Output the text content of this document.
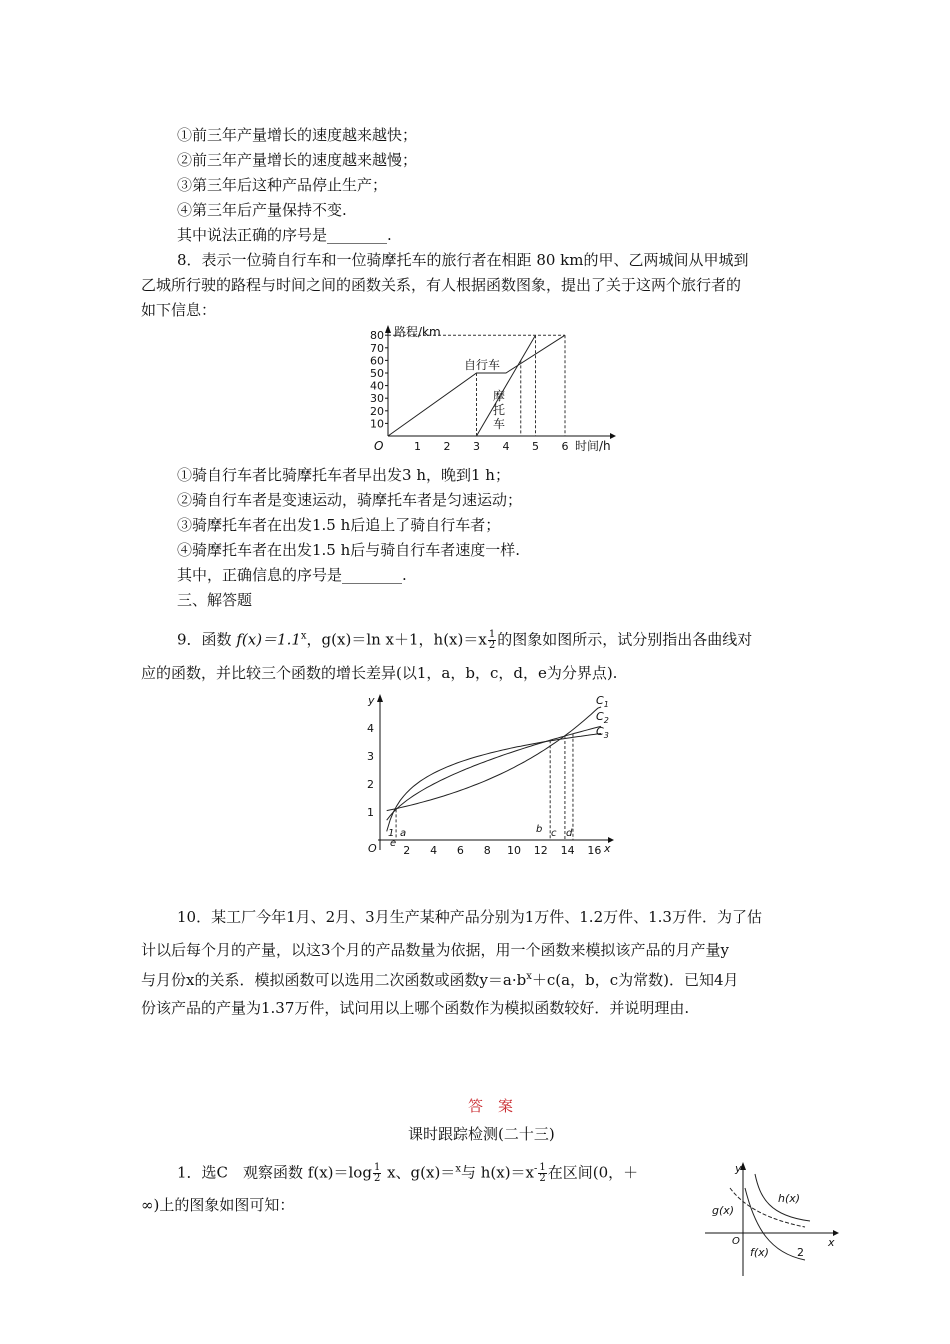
①前三年产量增长的速度越来越快；
②前三年产量增长的速度越来越慢；
③第三年后这种产品停止生产；
④第三年后产量保持不变.
其中说法正确的序号是________.
8．表示一位骑自行车和一位骑摩托车的旅行者在相距 80 km的甲、乙两城间从甲城到
乙城所行驶的路程与时间之间的函数关系，有人根据函数图象，提出了关于这两个旅行者的
如下信息：
路程/km
时间/h
O
10
20
30
40
50
60
70
80
1 2 3 4 5 6
自行车
摩
托
车
①骑自行车者比骑摩托车者早出发3 h，晚到1 h；
②骑自行车者是变速运动，骑摩托车者是匀速运动；
③骑摩托车者在出发1.5 h后追上了骑自行车者；
④骑摩托车者在出发1.5 h后与骑自行车者速度一样.
其中，正确信息的序号是________.
三、解答题
9．函数 $f(x)=1.1^x$，g(x)＝ln x＋1，$h(x)=x \frac{1}{2}$ 的图象如图所示，试分别指出各曲线对
应的函数，并比较三个函数的增长差异(以1，a，b，c，d，e为分界点).
y
x
O 2 4 6 8 10 12 14 16
1
2
3
4
$C_1$
$C_2$
$C_3$
1 a
e
b c d
10．某工厂今年1月、2月、3月生产某种产品分别为1万件、1.2万件、1.3万件．为了估
计以后每个月的产量，以这3个月的产品数量为依据，用一个函数来模拟该产品的月产量y
与月份x的关系．模拟函数可以选用二次函数或函数$y=a\cdot b^x+c(a$，b，c为常数)．已知4月
份该产品的产量为1.37万件，试问用以上哪个函数作为模拟函数较好．并说明理由.
答　案
课时跟踪检测(二十三)
1．选C　观察函数 $f(x)=\log \frac{1}{2}$ x、g(x)＝$^x$与 $h(x)=x^- \frac{1}{2}$ 在区间(0，＋
∞)上的图象如图可知：
y
x
O
h(x)
g(x)
f(x)	2
